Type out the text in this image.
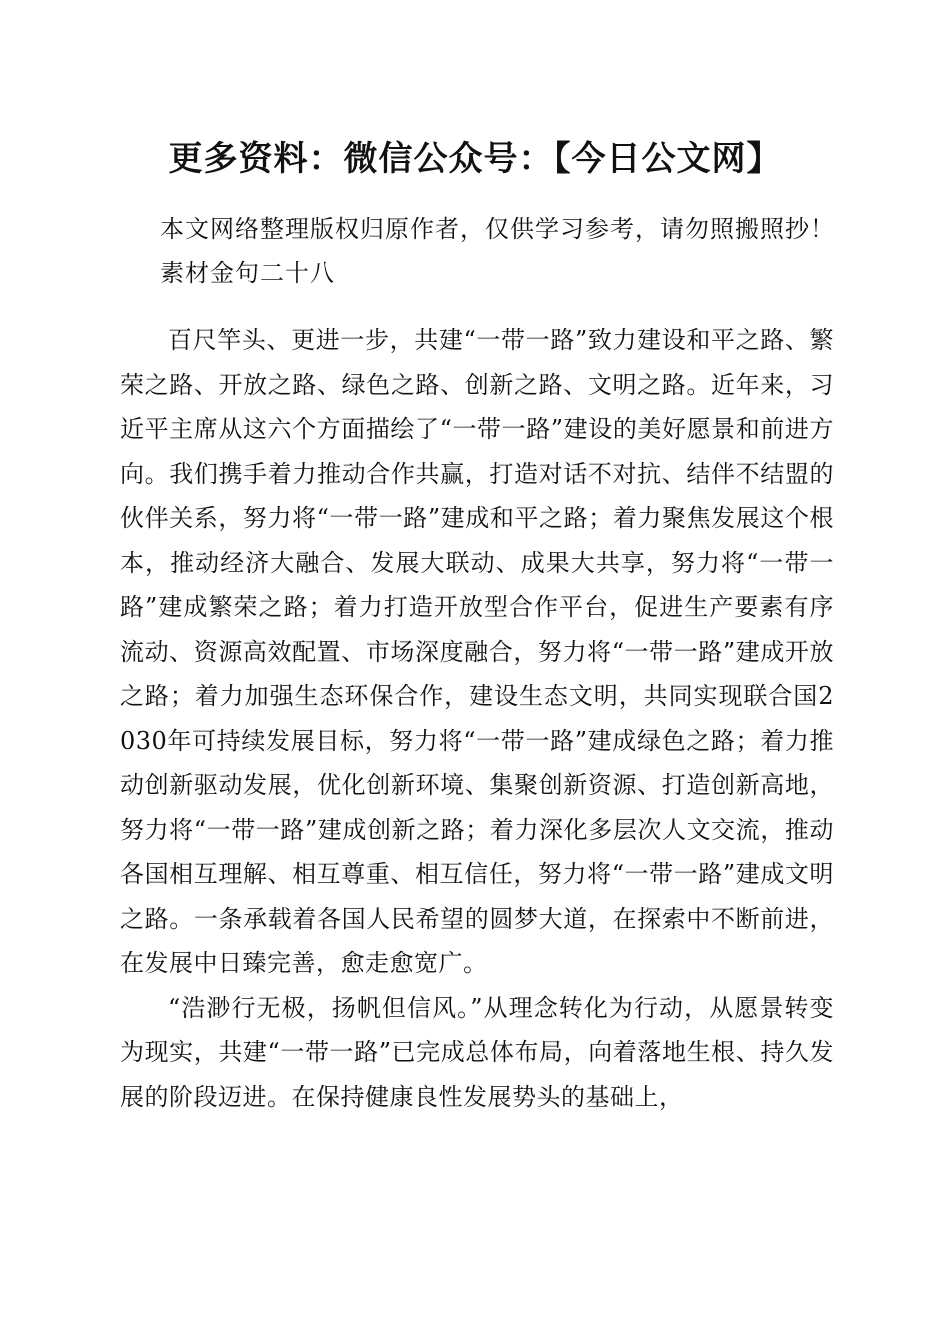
更多资料：微信公众号：【今日公文网】
本文网络整理版权归原作者，仅供学习参考，请勿照搬照抄！
素材金句二十八

百尺竿头、更进一步，共建“一带一路”致力建设和平之路、繁荣之路、开放之路、绿色之路、创新之路、文明之路。近年来，习近平主席从这六个方面描绘了“一带一路”建设的美好愿景和前进方向。我们携手着力推动合作共赢，打造对话不对抗、结伴不结盟的伙伴关系，努力将“一带一路”建成和平之路；着力聚焦发展这个根本，推动经济大融合、发展大联动、成果大共享，努力将“一带一路”建成繁荣之路；着力打造开放型合作平台，促进生产要素有序流动、资源高效配置、市场深度融合，努力将“一带一路”建成开放之路；着力加强生态环保合作，建设生态文明，共同实现联合国2030年可持续发展目标，努力将“一带一路”建成绿色之路；着力推动创新驱动发展，优化创新环境、集聚创新资源、打造创新高地，努力将“一带一路”建成创新之路；着力深化多层次人文交流，推动各国相互理解、相互尊重、相互信任，努力将“一带一路”建成文明之路。一条承载着各国人民希望的圆梦大道，在探索中不断前进，在发展中日臻完善，愈走愈宽广。

“浩渺行无极，扬帆但信风。”从理念转化为行动，从愿景转变为现实，共建“一带一路”已完成总体布局，向着落地生根、持久发展的阶段迈进。在保持健康良性发展势头的基础上，
